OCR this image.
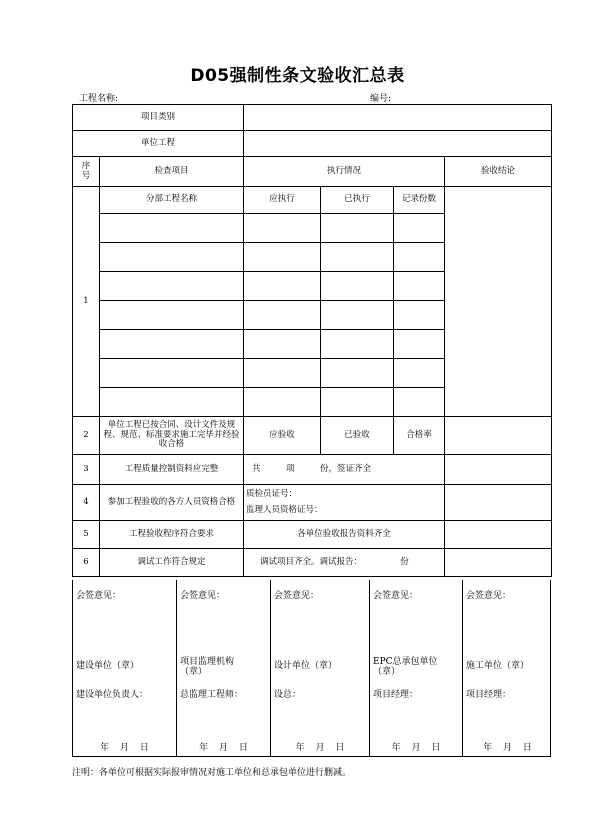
D05强制性条文验收汇总表
工程名称:	编号:
项目类别					
单位工程					
序
号	检查项目	执行情况			验收结论
1	分部工程名称	应执行	已执行	记录份数	

2	单位工程已按合同、设计文件及规程、规范、标准要求施工完毕并经验收合格	应验收	已验收	合格率	
3	工程质量控制资料应完整	共　　　项　　　份，签证齐全			
4	参加工程验收的各方人员资格合格	质检员证号：
监理人员资格证号：			

5	工程验收程序符合要求	各单位验收报告资料齐全			
6	调试工作符合规定	调试项目齐全。调试报告：　　　　　份			
会签意见：
建设单位（章）
建设单位负责人：
年 月 日
会签意见：
项目监理机构
（章）
总监理工程师：
年 月 日
会签意见：
设计单位（章）
设总：
年 月 日
会签意见：
EPC总承包单位
（章）
项目经理：
年 月 日
会签意见：
施工单位（章）
项目经理：
年 月 日
注明：各单位可根据实际报审情况对施工单位和总承包单位进行删减。
